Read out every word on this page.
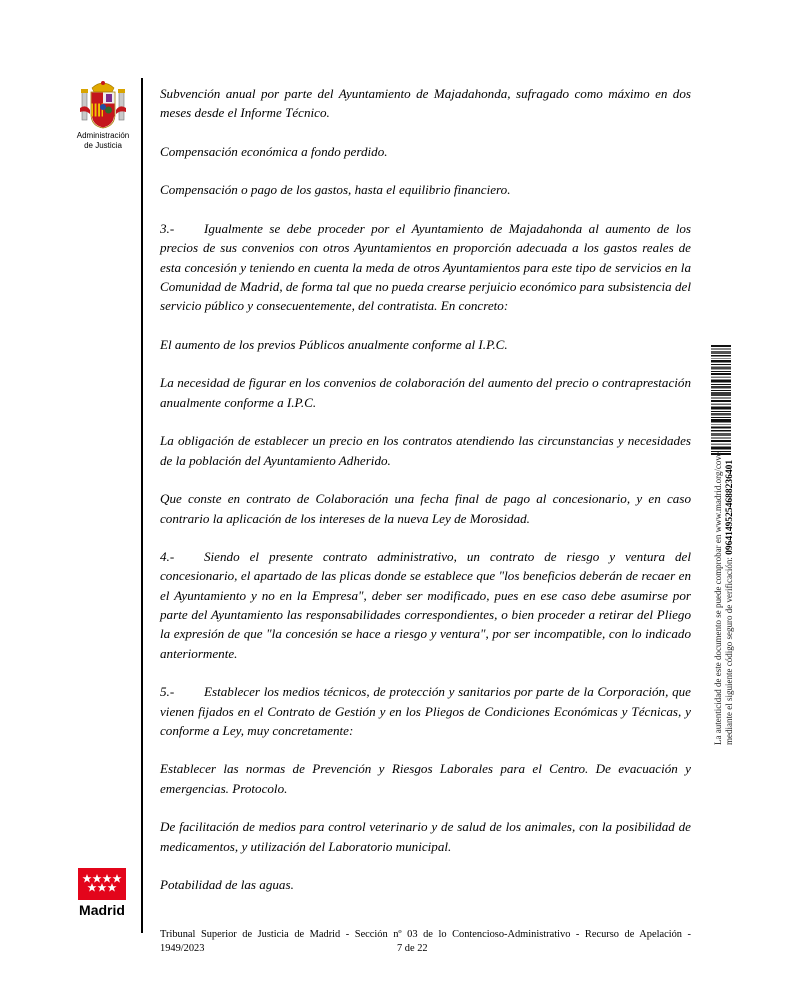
Administración
de Justicia

Subvención anual por parte del Ayuntamiento de Majadahonda, sufragado como máximo en dos meses desde el Informe Técnico.

Compensación económica a fondo perdido.

Compensación o pago de los gastos, hasta el equilibrio financiero.

3.- Igualmente se debe proceder por el Ayuntamiento de Majadahonda al aumento de los precios de sus convenios con otros Ayuntamientos en proporción adecuada a los gastos reales de esta concesión y teniendo en cuenta la meda de otros Ayuntamientos para este tipo de servicios en la Comunidad de Madrid, de forma tal que no pueda crearse perjuicio económico para subsistencia del servicio público y consecuentemente, del contratista. En concreto:

El aumento de los previos Públicos anualmente conforme al I.P.C.

La necesidad de figurar en los convenios de colaboración del aumento del precio o contraprestación anualmente conforme a I.P.C.

La obligación de establecer un precio en los contratos atendiendo las circunstancias y necesidades de la población del Ayuntamiento Adherido.

Que conste en contrato de Colaboración una fecha final de pago al concesionario, y en caso contrario la aplicación de los intereses de la nueva Ley de Morosidad.

4.- Siendo el presente contrato administrativo, un contrato de riesgo y ventura del concesionario, el apartado de las plicas donde se establece que "los beneficios deberán de recaer en el Ayuntamiento y no en la Empresa", deber ser modificado, pues en ese caso debe asumirse por parte del Ayuntamiento las responsabilidades correspondientes, o bien proceder a retirar del Pliego la expresión de que "la concesión se hace a riesgo y ventura", por ser incompatible, con lo indicado anteriormente.

5.- Establecer los medios técnicos, de protección y sanitarios por parte de la Corporación, que vienen fijados en el Contrato de Gestión y en los Pliegos de Condiciones Económicas y Técnicas, y conforme a Ley, muy concretamente:

Establecer las normas de Prevención y Riesgos Laborales para el Centro. De evacuación y emergencias. Protocolo.

De facilitación de medios para control veterinario y de salud de los animales, con la posibilidad de medicamentos, y utilización del Laboratorio municipal.

Potabilidad de las aguas.

Madrid
Tribunal Superior de Justicia de Madrid - Sección nº 03 de lo Contencioso-Administrativo - Recurso de Apelación -
1949/2023	7 de 22
La autenticidad de este documento se puede comprobar en www.madrid.org/cove mediante el siguiente código seguro de verificación: 0964149525468823640​1
